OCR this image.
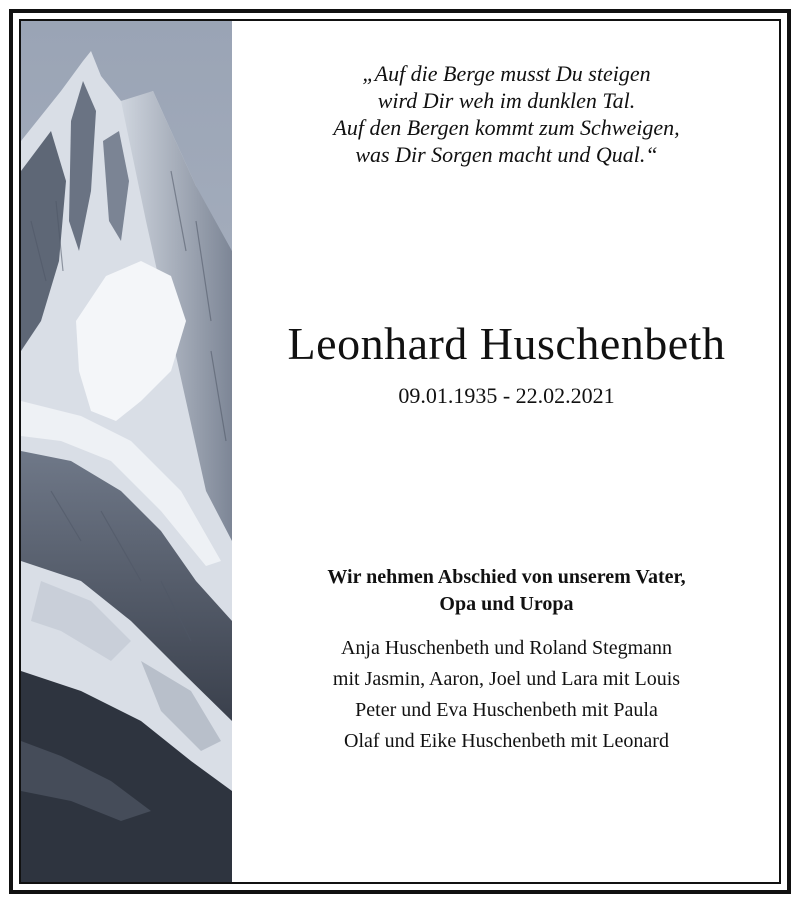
„Auf die Berge musst Du steigen
wird Dir weh im dunklen Tal.
Auf den Bergen kommt zum Schweigen,
was Dir Sorgen macht und Qual.“
Leonhard Huschenbeth
09.01.1935 - 22.02.2021
Wir nehmen Abschied von unserem Vater,
Opa und Uropa
Anja Huschenbeth und Roland Stegmann
mit Jasmin, Aaron, Joel und Lara mit Louis
Peter und Eva Huschenbeth mit Paula
Olaf und Eike Huschenbeth mit Leonard
